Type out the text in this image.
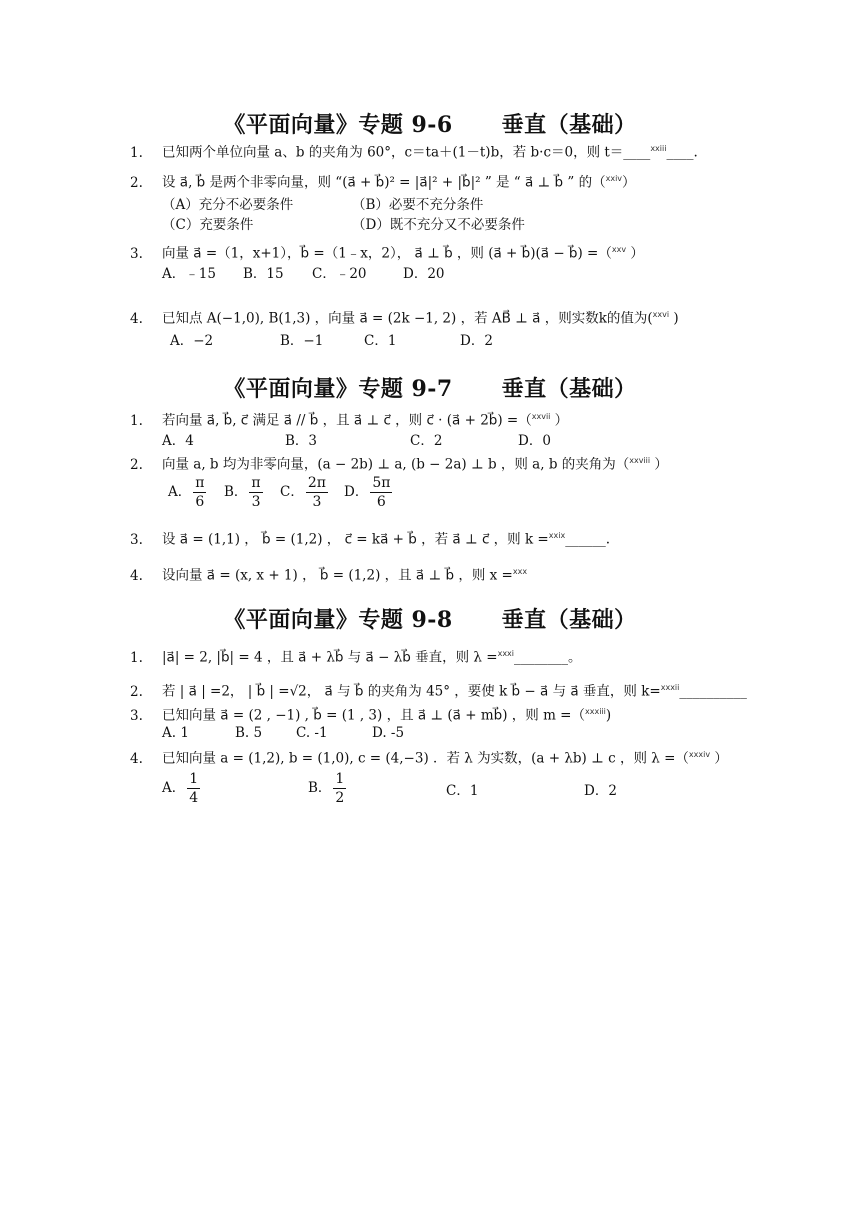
《平面向量》专题 9-6      垂直（基础）
1. 已知两个单位向量 a、b 的夹角为 60°，c＝ta＋(1－t)b，若 b·c＝0，则 t＝____$^{xxiii}$____.
2. 设 a⃗, b⃗ 是两个非零向量，则 “(a⃗ + b⃗)² = |a⃗|² + |b⃗|² ” 是 “ a⃗ ⊥ b⃗ ” 的（$^{xxiv}$）
（A）充分不必要条件	（B）必要不充分条件
（C）充要条件	（D）既不充分又不必要条件
3. 向量 a⃗ =（1，x+1），b⃗ =（1﹣x，2）， a⃗ ⊥ b⃗ ，则 (a⃗ + b⃗)(a⃗ − b⃗) =（$^{xxv}$ ）
A．﹣15 B．15 C．﹣20	D．20
4. 已知点 A(−1,0), B(1,3) ，向量 a⃗ = (2k −1, 2) ，若 AB⃗ ⊥ a⃗ ，则实数k的值为($^{xxvi}$ )
A．−2	B．−1	C．1	D．2
《平面向量》专题 9-7      垂直（基础）
1. 若向量 a⃗, b⃗, c⃗ 满足 a⃗ // b⃗ ，且 a⃗ ⊥ c⃗ ，则 c⃗ · (a⃗ + 2b⃗) =（$^{xxvii}$ ）
A．4	B．3	C．2	D．0
2. 向量 a, b 均为非零向量，(a − 2b) ⊥ a, (b − 2a) ⊥ b ，则 a, b 的夹角为（$^{xxviii}$ ）
A． $\frac{\pi}{6}$ B． $\frac{\pi}{3}$ C． $\frac{2\pi}{3}$ D． $\frac{5\pi}{6}$
3. 设 a⃗ = (1,1) ， b⃗ = (1,2) ， c⃗ = ka⃗ + b⃗ ，若 a⃗ ⊥ c⃗ ，则 k =$^{xxix}$______.
4. 设向量 a⃗ = (x, x + 1) ， b⃗ = (1,2) ，且 a⃗ ⊥ b⃗ ，则 x =$^{xxx}$
《平面向量》专题 9-8      垂直（基础）
1. |a⃗| = 2, |b⃗| = 4 ，且 a⃗ + λb⃗ 与 a⃗ − λb⃗ 垂直，则 λ =$^{xxxi}$________。
2. 若 | a⃗ | =2， | b⃗ | =√2， a⃗ 与 b⃗ 的夹角为 45° ，要使 k b⃗ − a⃗ 与 a⃗ 垂直，则 k=$^{xxxii}$__________
3. 已知向量 a⃗ = (2 , −1) , b⃗ = (1 , 3) ，且 a⃗ ⊥ (a⃗ + mb⃗) ，则 m =（$^{xxxiii}$)
A. 1	B. 5	C. -1	D. -5
4. 已知向量 a = (1,2), b = (1,0), c = (4,−3) ．若 λ 为实数，(a + λb) ⊥ c ，则 λ =（$^{xxxiv}$ ）
A． $\frac{1}{4}$	B． $\frac{1}{2}$	C．1	D．2
